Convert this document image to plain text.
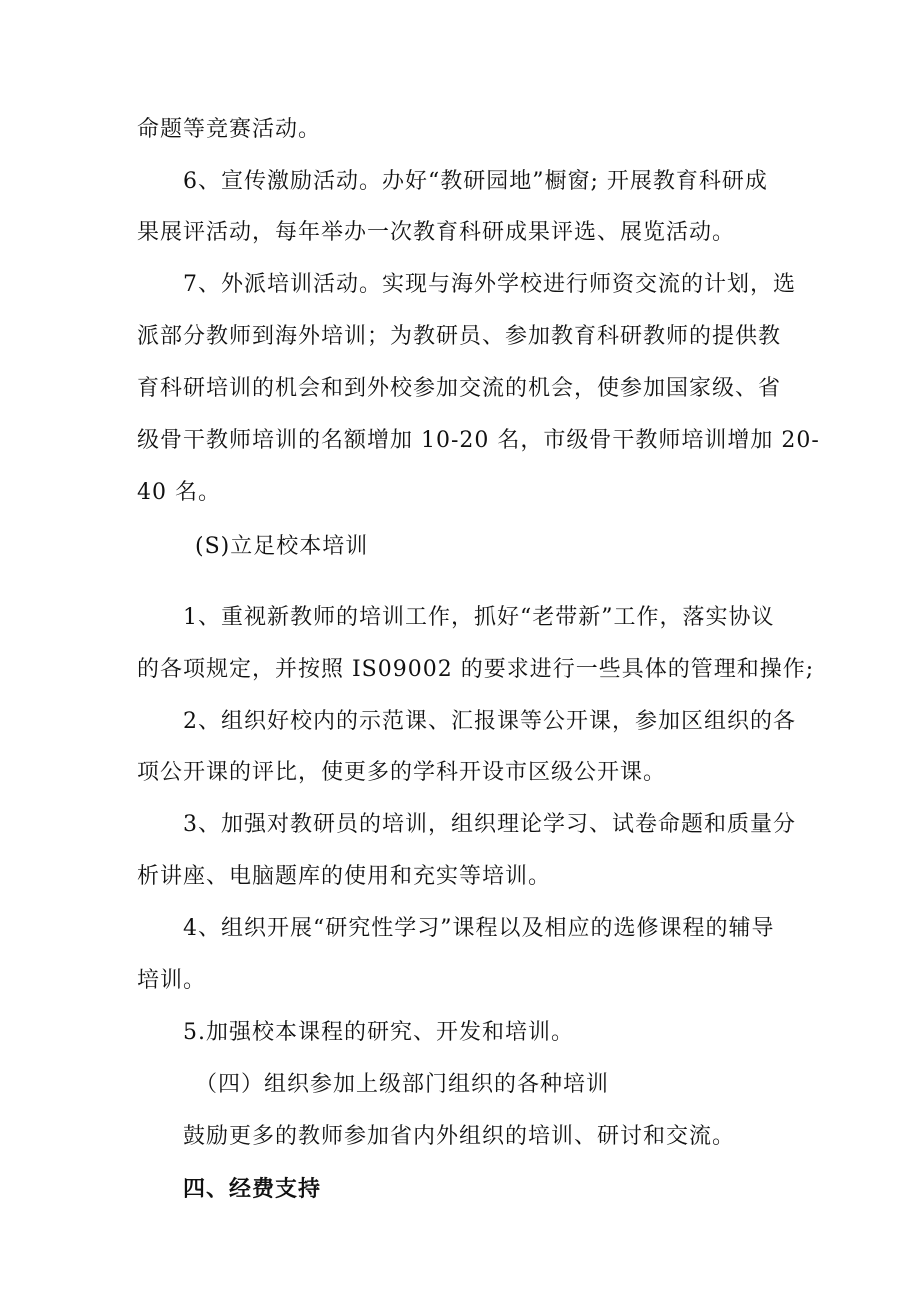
命题等竞赛活动。
6、宣传激励活动。办好“教研园地”橱窗; 开展教育科研成
果展评活动，每年举办一次教育科研成果评选、展览活动。
7、外派培训活动。实现与海外学校进行师资交流的计划，选
派部分教师到海外培训；为教研员、参加教育科研教师的提供教
育科研培训的机会和到外校参加交流的机会，使参加国家级、省
级骨干教师培训的名额增加 10-20 名，市级骨干教师培训增加 20-
40 名。
(S)立足校本培训
1、重视新教师的培训工作，抓好“老带新”工作，落实协议
的各项规定，并按照 IS09002 的要求进行一些具体的管理和操作;
2、组织好校内的示范课、汇报课等公开课，参加区组织的各
项公开课的评比，使更多的学科开设市区级公开课。
3、加强对教研员的培训，组织理论学习、试卷命题和质量分
析讲座、电脑题库的使用和充实等培训。
4、组织开展“研究性学习”课程以及相应的选修课程的辅导
培训。
5.加强校本课程的研究、开发和培训。
（四）组织参加上级部门组织的各种培训
鼓励更多的教师参加省内外组织的培训、研讨和交流。
四、经费支持
